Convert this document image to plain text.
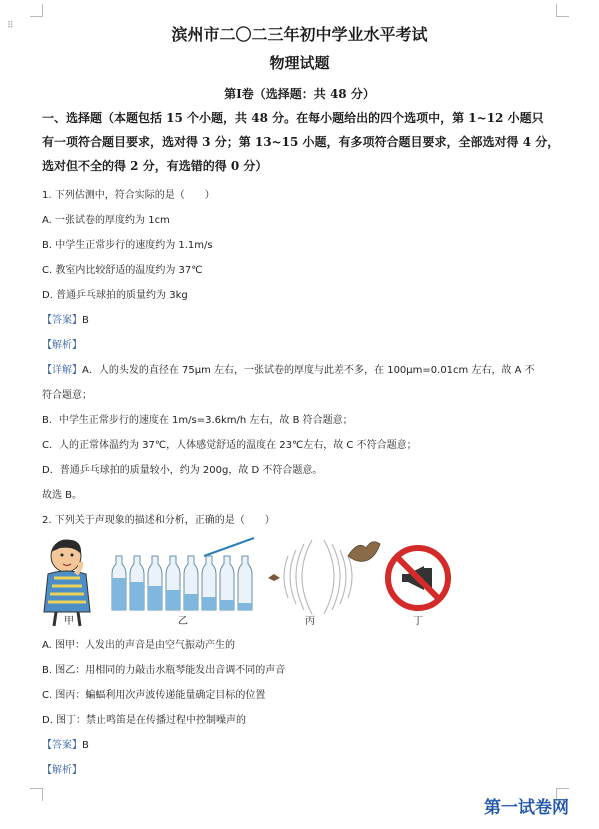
⠿	滨州市二〇二三年初中学业水平考试
物理试题
第Ⅰ卷（选择题：共 48 分）
一、选择题（本题包括 15 个小题，共 48 分。在每小题给出的四个选项中，第 1~12 小题只
有一项符合题目要求，选对得 3 分；第 13~15 小题，有多项符合题目要求，全部选对得 4 分，
选对但不全的得 2 分，有选错的得 0 分）
1. 下列估测中，符合实际的是（　　）
A. 一张试卷的厚度约为 1cm
B. 中学生正常步行的速度约为 1.1m/s
C. 教室内比较舒适的温度约为 37℃
D. 普通乒乓球拍的质量约为 3kg
【答案】B
【解析】
【详解】A．人的头发的直径在 75μm 左右，一张试卷的厚度与此差不多，在 100μm=0.01cm 左右，故 A 不
符合题意；
B．中学生正常步行的速度在 1m/s=3.6km/h 左右，故 B 符合题意；
C．人的正常体温约为 37℃，人体感觉舒适的温度在 23℃左右，故 C 不符合题意；
D．普通乒乓球拍的质量较小，约为 200g，故 D 不符合题意。
故选 B。
2. 下列关于声现象的描述和分析，正确的是（　　）
甲	乙	丙	丁
A. 图甲：人发出的声音是由空气振动产生的
B. 图乙：用相同的力敲击水瓶琴能发出音调不同的声音
C. 图丙：蝙蝠利用次声波传递能量确定目标的位置
D. 图丁：禁止鸣笛是在传播过程中控制噪声的
【答案】B
【解析】
第一试卷网
